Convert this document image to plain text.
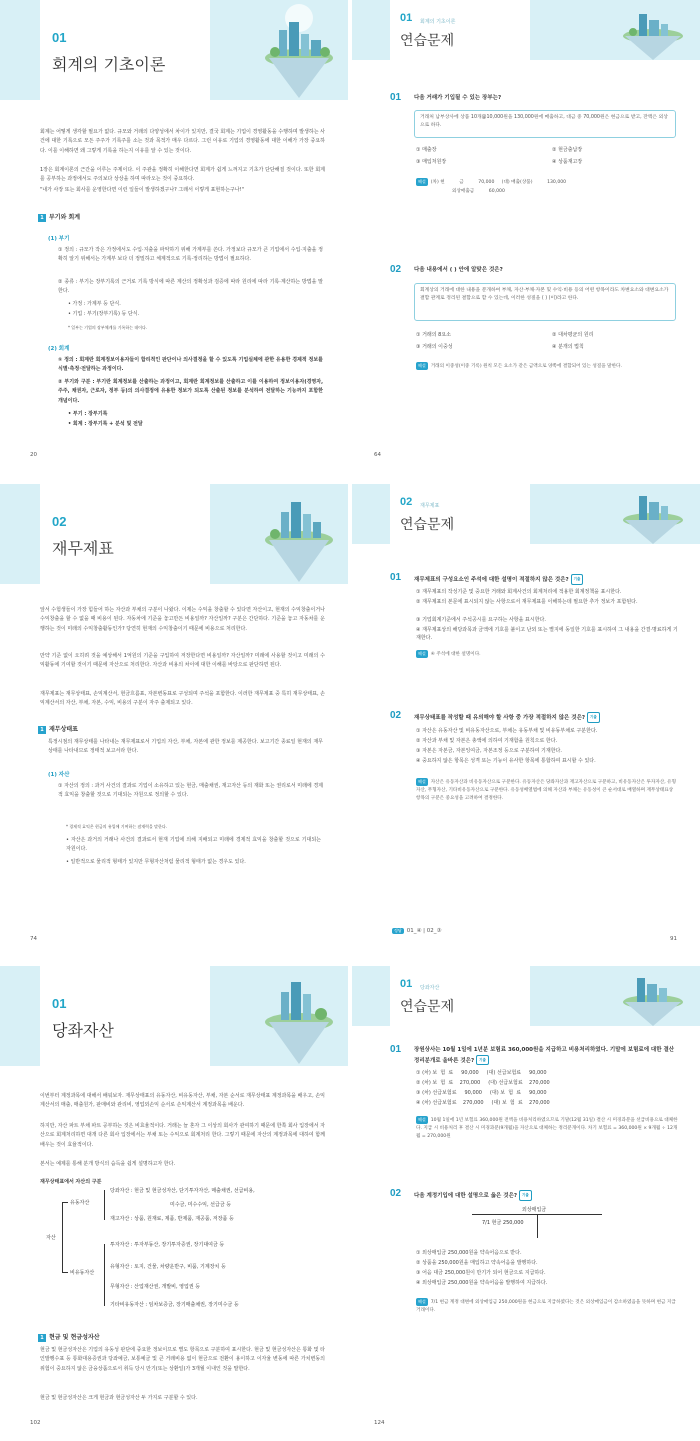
01
회계의 기초이론
회계는 어떻게 생각할 필요가 없다. 규모와 거래의 다양성에서 차이가 있지만, 결국 회계는 기업이 경영활동을 수행하며 발생하는 사건에 대한 기록으로 모든 주주가 기록주를 소는 것과 목적가 매우 다르다. 그런 이유로 기업의 경영활동에 대한 이해가 가장 중요하다. 이를 이해하면 왜 그렇게 기록을 하는지 이유를 알 수 있는 것이다.
1장은 회계이론의 근간을 이루는 주제이다. 이 주관을 정확히 이해한다면 회계가 쉽게 느껴지고 기초가 단단해질 것이다. 또한 회계를 공부하는 과정에서도 주의보다 상상을 하며 따라오는 것이 중요하다.
"내가 사장 또는 회사를 운영한다면 이런 일들이 발생하겠구나? 그래서 이렇게 표현하는구나!"
1 부기와 회계
(1) 부기
① 정의 : 규모가 작은 가정에서도 수입·지출을 파악하기 위해 가계부를 쓴다. 가정보다 규모가 큰 기업에서 수입·지출을 정확히 알기 위해서는 가계부 보다 더 정밀하고 체계적으로 기록·정리하는 방법이 필요하다.
② 종류 : 부기는 장부기록의 근거로 기록 방식에 따른 계산의 정확성과 검증에 따라 원리에 따라 기록·계산하는 방법을 말한다.
• 가정 : 가계부 등 단식.
• 기업 : 부기(장부기록) 등 단식.
* 일부는 기업의 장부체계를 기록하는 데이다.
(2) 회계
① 정의 : 회계란 회계정보이용자들이 합리적인 판단이나 의사결정을 할 수 있도록 기업실체에 관한 유용한 경제적 정보를 식별·측정·전달하는 과정이다.
② 부기와 구분 : 부기란 회계정보를 산출하는 과정이고, 회계란 회계정보를 산출하고 이를 이용하여 정보이용자(경영자, 주주, 채권자, 근로자, 정부 등)의 의사결정에 유용한 정보가 되도록 산출된 정보를 분석하여 전달하는 기능까지 포함한 개념이다.
• 부기 : 장부기록
• 회계 : 장부기록 + 분석 및 전달
20
01 회계의 기초이론
연습문제
01 다음 거래가 기입될 수 있는 장부는?
거래처 남부상사에 상품 10개@10,000원을 130,000원에 매출하고, 대금 중 70,000원은 현금으로 받고, 잔액은 외상으로 하다.
① 매출장	② 현금출납장
③ 매입처원장	④ 상품재고장
해설 (차) 현          금          70,000     (대) 매출(상품)          130,000
외상매출금          60,000
02 다음 내용에서 ( ) 안에 알맞은 것은?
회계상의 거래에 대한 내용을 분개하여 부채, 자산·부채·자본 및 수익·비용 등의 어떤 항목이라도 차변요소와 대변요소가 결합 관계로 정리된 결합으로 할 수 있는데, 이러한 성질을 ( ) (이)라고 한다.
① 거래의 8요소	② 대차평균의 원리
③ 거래의 이중성	④ 분개의 법칙
해설 거래의 이중성(이중 기록) 원칙 모든 요소가 같은 금액으로 양쪽에 결합되어 있는 성질을 말한다.
64
02
재무제표
앞서 수험생들이 가장 힘들어 하는 자산과 부채의 구분이 나왔다. 이제는 수익을 창출할 수 있다면 자산이고, 현재의 수익창출이거나 수익창출을 할 수 없을 때 비용이 된다. 자동차에 기준을 놓고만든 비용일까? 자산일까? 구분은 간단하다. 기준을 놓고 자동차를 운행하는 것이 미래의 수익창출활동인가? 당연히 현재의 수익창출이기 때문에 비용으로 처리한다.
만약 기준 없이 오히려 것을 예상해서 1억원의 기준을 구입하여 저장한다면 비용일까? 자산일까? 미래에 사용할 것이고 미래의 수익활동에 기여할 것이기 때문에 자산으로 처리한다. 자산과 비용의 차이에 대한 이해를 바탕으로 판단하면 된다.
재무제표는 재무상태표, 손익계산서, 현금흐름표, 자본변동표로 구성되며 주석을 포함한다. 이러한 재무제표 중 특히 재무상태표, 손익계산서의 자산, 부채, 자본, 수익, 비용의 구분이 자주 출제되고 있다.
1 재무상태표
특정시점의 재무상태를 나타내는 재무제표로서 기업의 자산, 부채, 자본에 관한 정보를 제공한다. 보고기간 종료일 현재의 재무상태를 나타내므로 정태적 보고서라 한다.
(1) 자산
① 자산의 정의 : 과거 사건의 결과로 기업이 소유하고 있는 현금, 매출채권, 재고자산 등의 재화 또는 권리로서 미래에 경제적 효익을 창출할 것으로 기대되는 자원으로 정의할 수 있다.
* 경제적 효익은 현금의 유입에 기여하는 잠재력을 말한다.
• 자산은 과거의 거래나 사건의 결과로서 현재 기업에 의해 지배되고 미래에 경제적 효익을 창출할 것으로 기대되는 자원이다.
• 일반적으로 물리적 형태가 있지만 무형자산처럼 물리적 형태가 없는 경우도 있다.
74
02 재무제표
연습문제
01 재무제표의 구성요소인 주석에 대한 설명이 적절하지 않은 것은? 기출
① 재무제표의 작성기준 및 중요한 거래와 회계사건의 회계처리에 적용한 회계정책을 표시한다.
② 재무제표의 본문에 표시되지 않는 사항으로서 재무제표를 이해하는데 필요한 추가 정보가 포함된다.
③ 기업회계기준에서 주석공시를 요구하는 사항을 표시한다.
④ 재무제표상의 해당과목과 금액에 기호를 붙이고 난외 또는 별지에 동일한 기호를 표시하여 그 내용을 간결·명료하게 기재한다.
해설 ④ 주석에 대한 설명이다.
02 재무상태표를 작성할 때 유의해야 할 사항 중 가장 적절하지 않은 것은? 기출
① 자산은 유동자산 및 비유동자산으로, 부채는 유동부채 및 비유동부채로 구분한다.
② 자산과 부채 및 자본은 총액에 의하여 기재함을 원칙으로 한다.
③ 자본은 자본금, 자본잉여금, 자본조정 등으로 구분하여 기재한다.
④ 중요하지 않은 항목은 성격 또는 기능이 유사한 항목에 통합하여 표시할 수 있다.
해설 자산은 유동자산과 비유동자산으로 구분한다. 유동자산은 당좌자산과 재고자산으로 구분하고, 비유동자산은 투자자산, 유형자산, 무형자산, 기타비유동자산으로 구분한다. 유동성배열법에 의해 자산과 부채는 유동성이 큰 순서대로 배열하며 재무상태표상 항목의 구분은 중요성을 고려하여 결정한다.
정답 01_④ | 02_③
91
01
당좌자산
이번부터 계정과목에 대해서 배워보자. 재무상태표의 유동자산, 비유동자산, 부채, 자본 순서로 재무상태표 계정과목을 배우고, 손익계산서의 매출, 매출원가, 판매비와 관리비, 영업외손익 순서로 손익계산서 계정과목을 배운다.
하지만, 자산 파트 부채 파트 공부하는 것은 비효율적이다. 거래는 늘 혼자 그 이상의 회사가 관여하기 때문에 한쪽 회사 입장에서 자산으로 회계처리하면 대개 다른 회사 입장에서는 부채 또는 수익으로 회계처리 한다. 그렇기 때문에 자산의 계정과목에 대하여 함께 배우는 것이 효율적이다.
본서는 예제를 통해 분개 방식의 습득을 쉽게 설명하고자 한다.
재무상태표에서 자산의 구분
자산
유동자산
비유동자산
당좌자산 : 현금 및 현금성자산, 단기투자자산, 매출채권, 선급비용,
미수금, 미수수익, 선급금 등
재고자산 : 상품, 원재료, 제품, 반제품, 재공품, 저장품 등
투자자산 : 투자부동산, 장기투자증권, 장기대여금 등
유형자산 : 토지, 건물, 차량운반구, 비품, 기계장치 등
무형자산 : 산업재산권, 개발비, 영업권 등
기타비유동자산 : 임차보증금, 장기매출채권, 장기미수금 등
1 현금 및 현금성자산
현금 및 현금성자산은 기업의 유동성 판단에 중요한 정보이므로 별도 항목으로 구분하여 표시한다. 현금 및 현금성자산은 통화 및 타인발행수표 등 통화대용증권과 당좌예금, 보통예금 및 큰 거래비용 없이 현금으로 전환이 용이하고 이자율 변동에 따른 가치변동의 위험이 중요하지 않은 금융상품으로서 취득 당시 만기(또는 상환일)가 3개월 이내인 것을 말한다.
현금 및 현금성자산은 크게 현금과 현금성자산 두 가지로 구분할 수 있다.
102
01 당좌자산
연습문제
01 장원상사는 10월 1일에 1년분 보험료 360,000원을 지급하고 비용처리하였다. 기말에 보험료에 대한 결산정리분개로 올바른 것은? 기출
① (차) 보  험  료     90,000     (대) 선급보험료     90,000
② (차) 보  험  료    270,000     (대) 선급보험료    270,000
③ (차) 선급보험료     90,000     (대) 보  험  료     90,000
④ (차) 선급보험료    270,000     (대) 보  험  료    270,000
해설 10월 1일에 1년 보험료 360,000원 전액을 비용처리하였으므로 기말(12월 31일) 결산 시 미경과분을 선급비용으로 대체한다. 지급 시 비용처리 후 결산 시 미경과분(9개월)을 자산으로 대체하는 정리분개이다. 차기 보험료 = 360,000원 × 9개월 ÷ 12개월 = 270,000원
02 다음 계정기입에 대한 설명으로 옳은 것은? 기출
외상매입금
7/1 현금 250,000
① 외상매입금 250,000원을 약속어음으로 받다.
② 상품을 250,000원을 매입하고 약속어음을 발행하다.
③ 어음 대금 250,000원이 만기가 되어 현금으로 지급하다.
④ 외상매입금 250,000원을 약속어음을 발행하여 지급하다.
해설 7/1 현금 계정 대변에 외상매입금 250,000원을 현금으로 지급하였다는 것은 외상매입금이 감소하였음을 뜻하며 현금 지급 거래이다.
124
